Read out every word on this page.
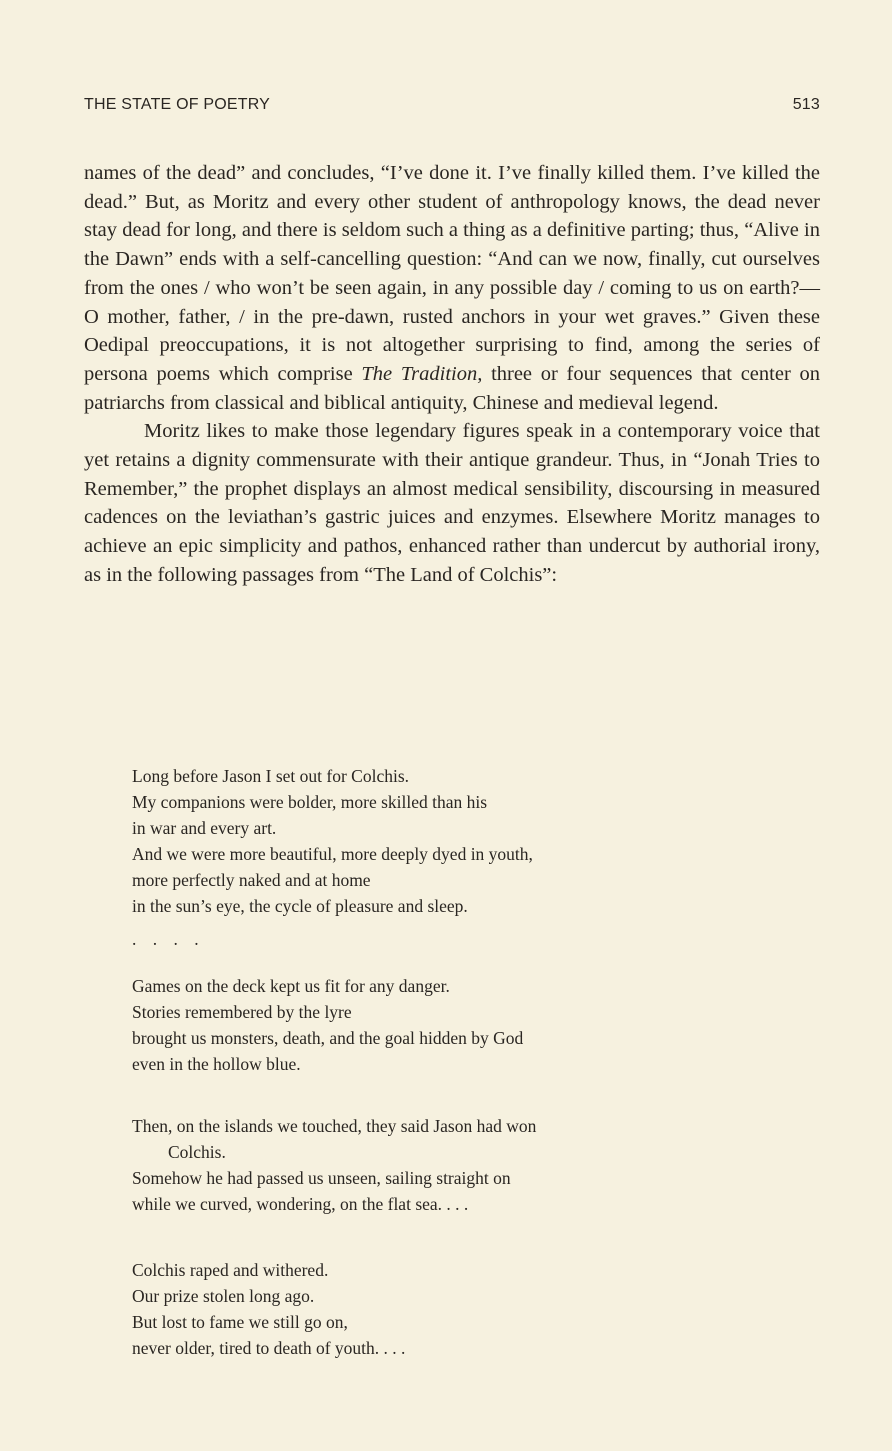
THE STATE OF POETRY	513

names of the dead” and concludes, “I’ve done it. I’ve finally killed them. I’ve killed the dead.” But, as Moritz and every other student of anthropology knows, the dead never stay dead for long, and there is seldom such a thing as a definitive parting; thus, “Alive in the Dawn” ends with a self-cancelling question: “And can we now, finally, cut ourselves from the ones / who won’t be seen again, in any possible day / coming to us on earth?—O mother, father, / in the pre-dawn, rusted anchors in your wet graves.” Given these Oedipal preoccupations, it is not altogether surprising to find, among the series of persona poems which comprise The Tradition, three or four sequences that center on patriarchs from classical and biblical antiquity, Chinese and medieval legend.

Moritz likes to make those legendary figures speak in a contemporary voice that yet retains a dignity commensurate with their antique grandeur. Thus, in “Jonah Tries to Remember,” the prophet displays an almost medical sensibility, discoursing in measured cadences on the leviathan’s gastric juices and enzymes. Elsewhere Moritz manages to achieve an epic simplicity and pathos, enhanced rather than undercut by authorial irony, as in the following passages from “The Land of Colchis”:

Long before Jason I set out for Colchis.
My companions were bolder, more skilled than his
in war and every art.
And we were more beautiful, more deeply dyed in youth,
more perfectly naked and at home
in the sun’s eye, the cycle of pleasure and sleep.
. . . .
Games on the deck kept us fit for any danger.
Stories remembered by the lyre
brought us monsters, death, and the goal hidden by God
even in the hollow blue.
Then, on the islands we touched, they said Jason had won
Colchis.
Somehow he had passed us unseen, sailing straight on
while we curved, wondering, on the flat sea. . . .
Colchis raped and withered.
Our prize stolen long ago.
But lost to fame we still go on,
never older, tired to death of youth. . . .
